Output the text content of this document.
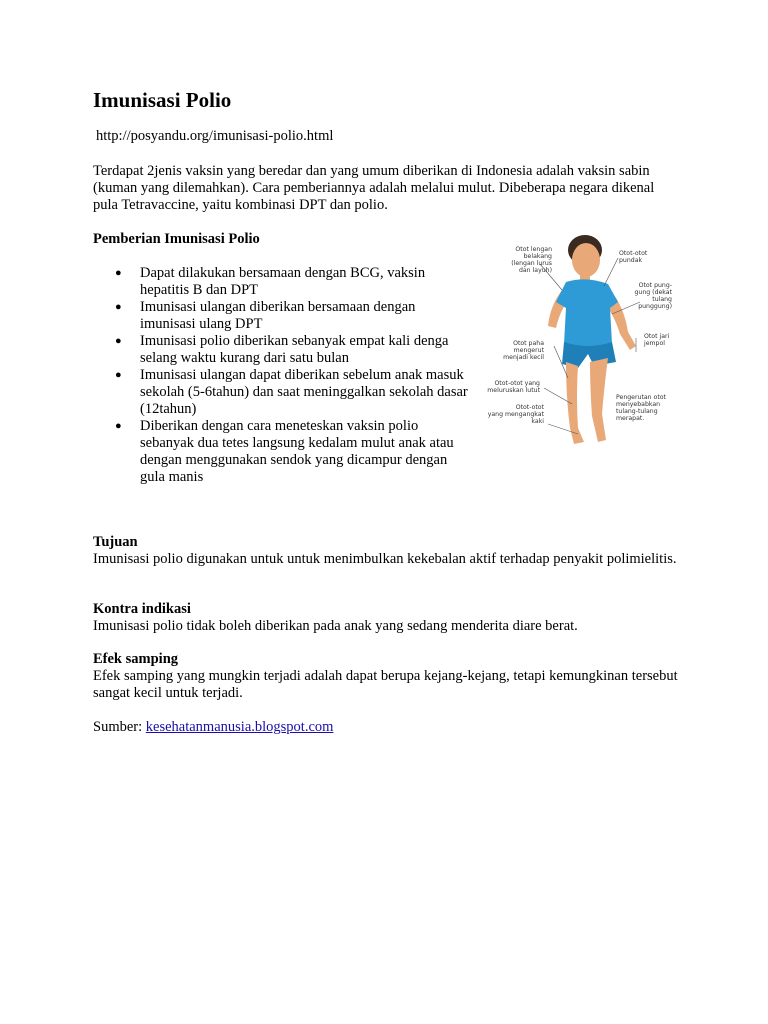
Imunisasi Polio
http://posyandu.org/imunisasi-polio.html

Terdapat 2jenis vaksin yang beredar dan yang umum diberikan di Indonesia adalah vaksin sabin (kuman yang dilemahkan). Cara pemberiannya adalah melalui mulut. Dibeberapa negara dikenal pula Tetravaccine, yaitu kombinasi DPT dan polio.

Pemberian Imunisasi Polio

● Dapat dilakukan bersamaan dengan BCG, vaksin hepatitis B dan DPT
● Imunisasi ulangan diberikan bersamaan dengan imunisasi ulang DPT
● Imunisasi polio diberikan sebanyak empat kali denga selang waktu kurang dari satu bulan
● Imunisasi ulangan dapat diberikan sebelum anak masuk sekolah (5-6tahun) dan saat meninggalkan sekolah dasar (12tahun)
● Diberikan dengan cara meneteskan vaksin polio sebanyak dua tetes langsung kedalam mulut anak atau dengan menggunakan sendok yang dicampur dengan gula manis
Otot lengan
belakang
(lengan lurus
dan layuh)
Otot-otot
pundak
Otot pung-
gung (dekat
tulang
punggung)
Otot paha
mengerut
menjadi kecil
Otot jari
jempol
Otot-otot yang
meluruskan lutut
Otot-otot
yang mengangkat
kaki
Pengerutan otot
menyebabkan
tulang-tulang
merapat.

Tujuan

Imunisasi polio digunakan untuk untuk menimbulkan kekebalan aktif terhadap penyakit polimielitis.

Kontra indikasi

Imunisasi polio tidak boleh diberikan pada anak yang sedang menderita diare berat.

Efek samping

Efek samping yang mungkin terjadi adalah dapat berupa kejang-kejang, tetapi kemungkinan tersebut sangat kecil untuk terjadi.

Sumber: kesehatanmanusia.blogspot.com
